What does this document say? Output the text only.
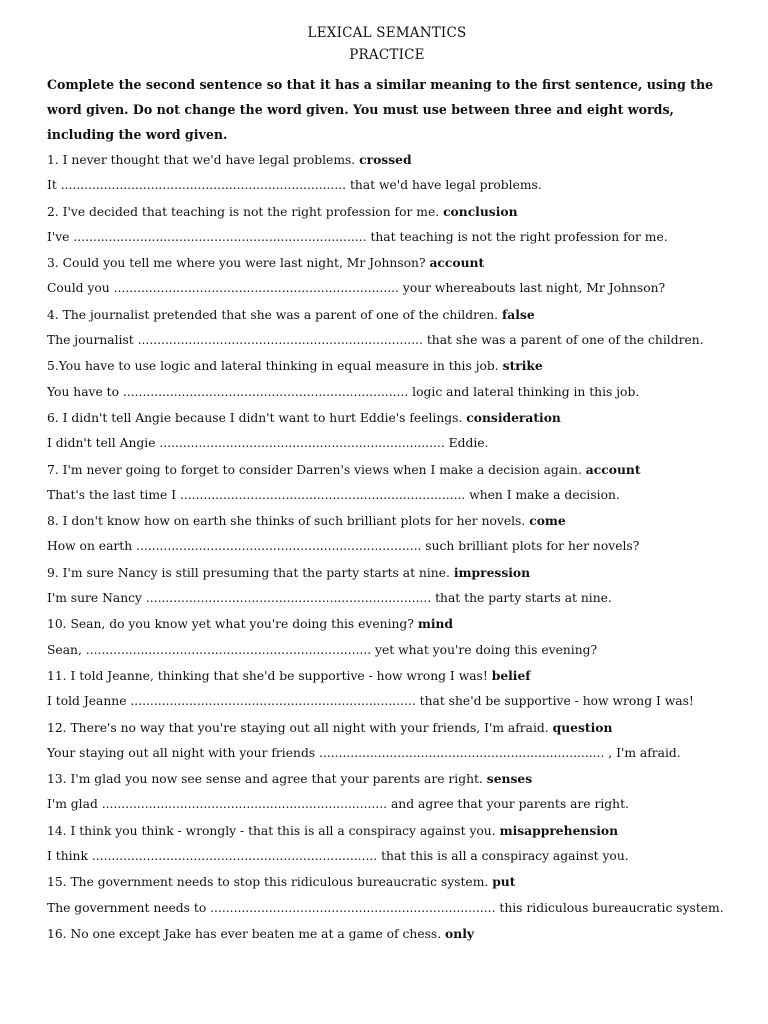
LEXICAL SEMANTICS
PRACTICE
Complete the second sentence so that it has a similar meaning to the first sentence, using the word given. Do not change the word given. You must use between three and eight words, including the word given.
1. I never thought that we'd have legal problems. crossed
It ......................................................................... that we'd have legal problems.
2. I've decided that teaching is not the right profession for me. conclusion
I've ........................................................................... that teaching is not the right profession for me.
3. Could you tell me where you were last night, Mr Johnson? account
Could you ......................................................................... your whereabouts last night, Mr Johnson?
4. The journalist pretended that she was a parent of one of the children. false
The journalist ......................................................................... that she was a parent of one of the children.
5.You have to use logic and lateral thinking in equal measure in this job. strike
You have to ......................................................................... logic and lateral thinking in this job.
6. I didn't tell Angie because I didn't want to hurt Eddie's feelings. consideration
I didn't tell Angie ......................................................................... Eddie.
7. I'm never going to forget to consider Darren's views when I make a decision again. account
That's the last time I ......................................................................... when I make a decision.
8. I don't know how on earth she thinks of such brilliant plots for her novels. come
How on earth ......................................................................... such brilliant plots for her novels?
9. I'm sure Nancy is still presuming that the party starts at nine. impression
I'm sure Nancy ......................................................................... that the party starts at nine.
10. Sean, do you know yet what you're doing this evening? mind
Sean, ......................................................................... yet what you're doing this evening?
11. I told Jeanne, thinking that she'd be supportive - how wrong I was! belief
I told Jeanne ......................................................................... that she'd be supportive - how wrong I was!
12. There's no way that you're staying out all night with your friends, I'm afraid. question
Your staying out all night with your friends ......................................................................... , I'm afraid.
13. I'm glad you now see sense and agree that your parents are right. senses
I'm glad ......................................................................... and agree that your parents are right.
14. I think you think - wrongly - that this is all a conspiracy against you. misapprehension
I think ......................................................................... that this is all a conspiracy against you.
15. The government needs to stop this ridiculous bureaucratic system. put
The government needs to ......................................................................... this ridiculous bureaucratic system.
16. No one except Jake has ever beaten me at a game of chess. only
